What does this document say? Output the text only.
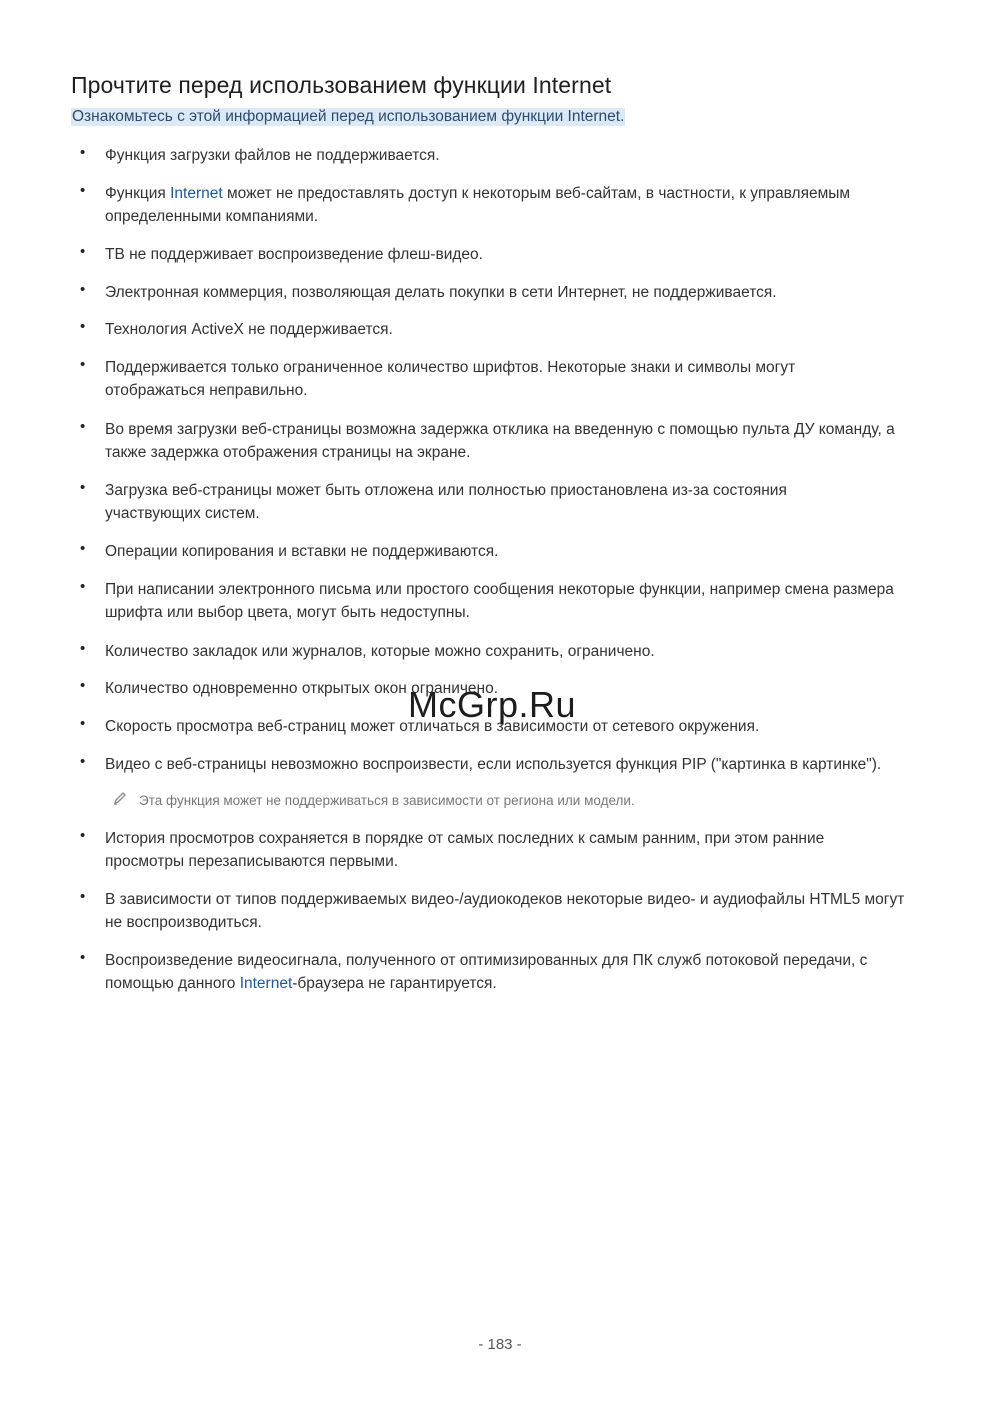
Прочтите перед использованием функции Internet
Ознакомьтесь с этой информацией перед использованием функции Internet.
• Функция загрузки файлов не поддерживается.
• Функция Internet может не предоставлять доступ к некоторым веб-сайтам, в частности, к управляемым определенными компаниями.
• ТВ не поддерживает воспроизведение флеш-видео.
• Электронная коммерция, позволяющая делать покупки в сети Интернет, не поддерживается.
• Технология ActiveX не поддерживается.
• Поддерживается только ограниченное количество шрифтов. Некоторые знаки и символы могут отображаться неправильно.
• Во время загрузки веб-страницы возможна задержка отклика на введенную с помощью пульта ДУ команду, а также задержка отображения страницы на экране.
• Загрузка веб-страницы может быть отложена или полностью приостановлена из-за состояния участвующих систем.
• Операции копирования и вставки не поддерживаются.
• При написании электронного письма или простого сообщения некоторые функции, например смена размера шрифта или выбор цвета, могут быть недоступны.
• Количество закладок или журналов, которые можно сохранить, ограничено.
• Количество одновременно открытых окон ограничено.
• Скорость просмотра веб-страниц может отличаться в зависимости от сетевого окружения.
• Видео с веб-страницы невозможно воспроизвести, если используется функция PIP ("картинка в картинке").
Эта функция может не поддерживаться в зависимости от региона или модели.
• История просмотров сохраняется в порядке от самых последних к самым ранним, при этом ранние просмотры перезаписываются первыми.
• В зависимости от типов поддерживаемых видео-/аудиокодеков некоторые видео- и аудиофайлы HTML5 могут не воспроизводиться.
• Воспроизведение видеосигнала, полученного от оптимизированных для ПК служб потоковой передачи, с помощью данного Internet-браузера не гарантируется.
McGrp.Ru
- 183 -
